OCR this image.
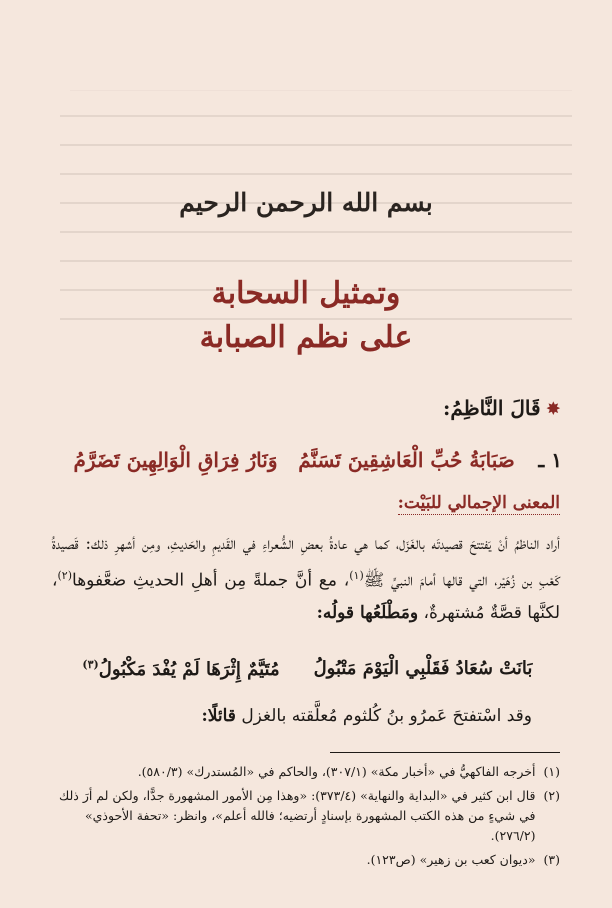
بسم الله الرحمن الرحيم
وتمثيل السحابة
على نظم الصبابة
✸
قَالَ النَّاظِمُ:
١ ـ
صَبَابَةُ حُبِّ الْعَاشِقِينَ تَسَنَّمُ
وَنَارُ فِرَاقِ الْوَالِهِينَ تَضَرَّمُ
المعنى الإجمالي للبَيْت:
أراد الناظمُ أنْ يَفتتحَ قصيدتَه بالغَزَل، كما هي عادةُ بعضِ الشُّعراءِ في القَديمِ والحَديثِ، ومِن أشهرِ ذلك: قَصيدةُ كَعْبِ بن زُهَيْر، التي قالها أمامَ النبيِّ ﷺ$^{(١)}$، مع أنَّ جملةً مِن أهلِ الحديثِ ضعَّفوها$^{(٢)}$، لكنَّها قصَّةٌ مُشتهرةٌ، ومَطْلَعُها قولُه:
بَانَتْ سُعَادُ فَقَلْبِي الْيَوْمَ مَتْبُولُ
مُتَيَّمٌ إِثْرَهَا لَمْ يُفْدَ مَكْبُولُ$^{(٣)}$
وقد اسْتفتحَ عَمرُو بنُ كُلثوم مُعلَّقته بالغزل قائلًا:
(١)
أخرجه الفاكهيُّ في «أخبار مكة» (٣٠٧/١)، والحاكم في «المُستدرك» (٥٨٠/٣).
(٢)
قال ابن كثير في «البداية والنهاية» (٣٧٣/٤): «وهذا مِن الأمور المشهورة جدًّا، ولكن لم أرَ ذلك في شيءٍ من هذه الكتب المشهورة بإسنادٍ أرتضيه؛ فالله أعلم»، وانظر: «تحفة الأحوذي» (٢٧٦/٢).
(٣)
«ديوان كعب بن زهير» (ص١٢٣).
